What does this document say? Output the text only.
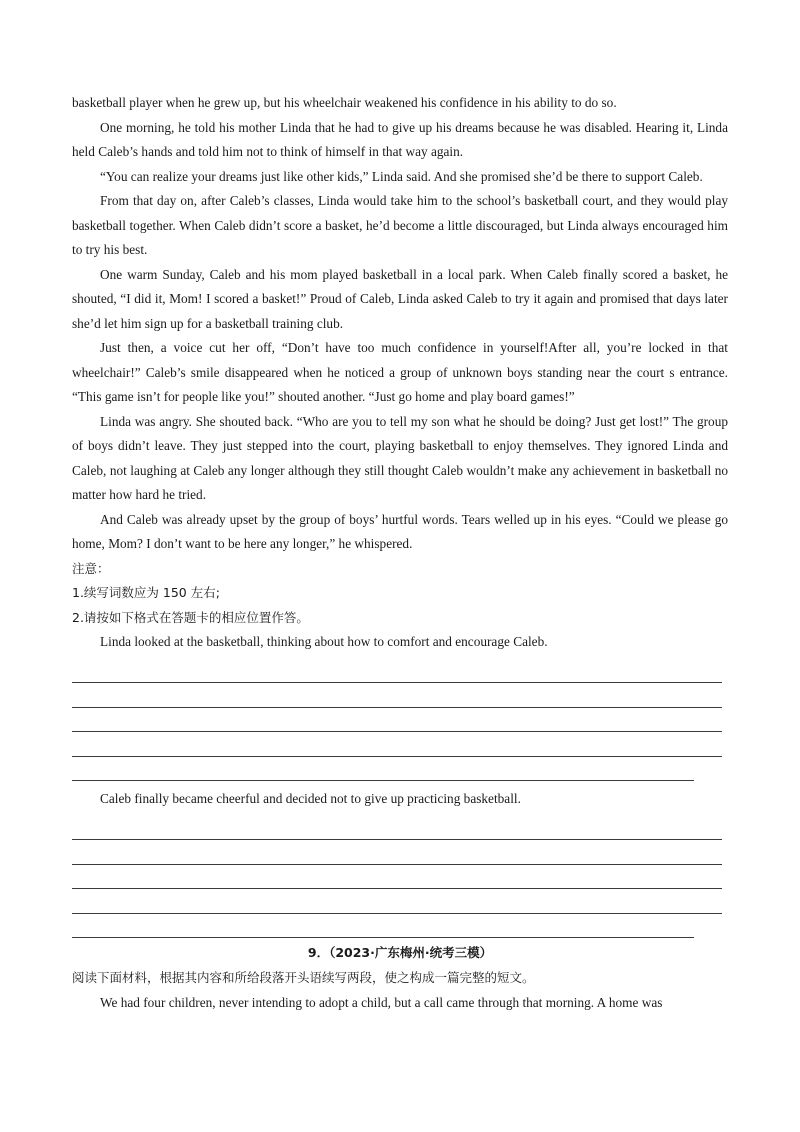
basketball player when he grew up, but his wheelchair weakened his confidence in his ability to do so.

One morning, he told his mother Linda that he had to give up his dreams because he was disabled. Hearing it, Linda held Caleb’s hands and told him not to think of himself in that way again.

“You can realize your dreams just like other kids,” Linda said. And she promised she’d be there to support Caleb.

From that day on, after Caleb’s classes, Linda would take him to the school’s basketball court, and they would play basketball together. When Caleb didn’t score a basket, he’d become a little discouraged, but Linda always encouraged him to try his best.

One warm Sunday, Caleb and his mom played basketball in a local park. When Caleb finally scored a basket, he shouted, “I did it, Mom! I scored a basket!” Proud of Caleb, Linda asked Caleb to try it again and promised that days later she’d let him sign up for a basketball training club.

Just then, a voice cut her off, “Don’t have too much confidence in yourself!After all, you’re locked in that wheelchair!” Caleb’s smile disappeared when he noticed a group of unknown boys standing near the court s entrance. “This game isn’t for people like you!” shouted another. “Just go home and play board games!”

Linda was angry. She shouted back. “Who are you to tell my son what he should be doing? Just get lost!” The group of boys didn’t leave. They just stepped into the court, playing basketball to enjoy themselves. They ignored Linda and Caleb, not laughing at Caleb any longer although they still thought Caleb wouldn’t make any achievement in basketball no matter how hard he tried.

And Caleb was already upset by the group of boys’ hurtful words. Tears welled up in his eyes. “Could we please go home, Mom? I don’t want to be here any longer,” he whispered.

注意：

1.续写词数应为 150 左右;

2.请按如下格式在答题卡的相应位置作答。

Linda looked at the basketball, thinking about how to comfort and encourage Caleb.

Caleb finally became cheerful and decided not to give up practicing basketball.

9．（2023·广东梅州·统考三模）

阅读下面材料，根据其内容和所给段落开头语续写两段，使之构成一篇完整的短文。

We had four children, never intending to adopt a child, but a call came through that morning. A home was
